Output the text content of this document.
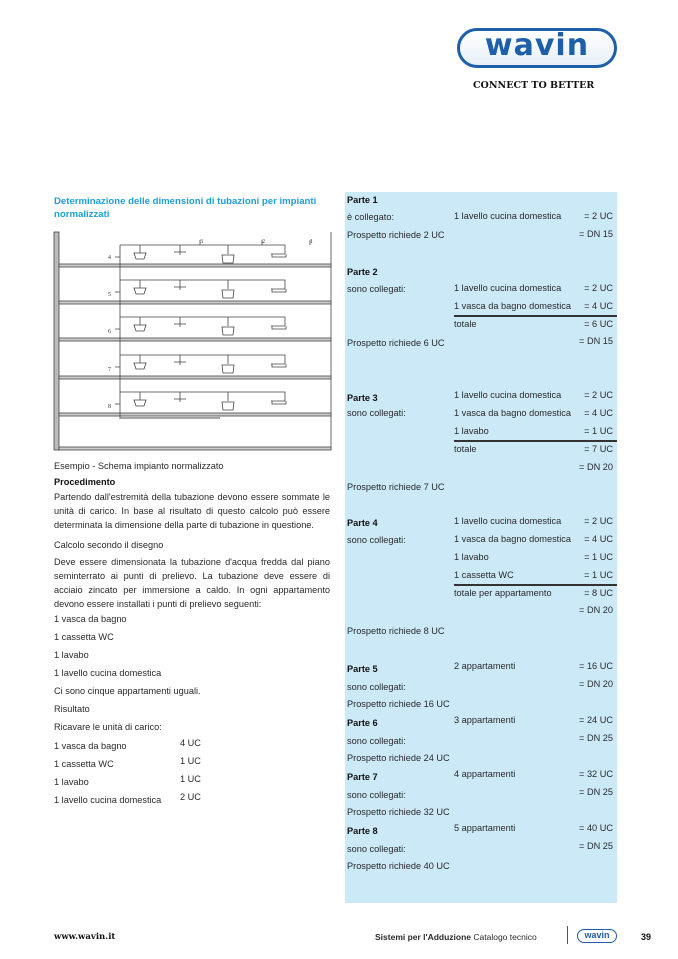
wavin
CONNECT TO BETTER
Determinazione delle dimensioni di tubazioni per impianti
normalizzati
1
2
3
4
5
6
7
8
Esempio - Schema impianto normalizzato
Procedimento
Partendo dall'estremità della tubazione devono essere sommate le unità di carico. In base al risultato di questo calcolo può essere determinata la dimensione della parte di tubazione in questione.
Calcolo secondo il disegno
Deve essere dimensionata la tubazione d'acqua fredda dal piano seminterrato ai punti di prelievo. La tubazione deve essere di acciaio zincato per immersione a caldo. In ogni appartamento devono essere installati i punti di prelievo seguenti:
1 vasca da bagno
1 cassetta WC
1 lavabo
1 lavello cucina domestica
Ci sono cinque appartamenti uguali.
Risultato
Ricavare le unità di carico:
1 vasca da bagno	4 UC
1 cassetta WC	1 UC
1 lavabo	1 UC
1 lavello cucina domestica 2 UC
Parte 1
è collegato:	1 lavello cucina domestica	= 2 UC
Prospetto richiede 2 UC	= DN 15
Parte 2
sono collegati:	1 lavello cucina domestica	= 2 UC
1 vasca da bagno domestica	= 4 UC
totale	= 6 UC
Prospetto richiede 6 UC	= DN 15
Parte 3
sono collegati:
1 lavello cucina domestica	= 2 UC
1 vasca da bagno domestica	= 4 UC
1 lavabo	= 1 UC
totale	= 7 UC
= DN 20
Prospetto richiede 7 UC
Parte 4
sono collegati:
1 lavello cucina domestica	= 2 UC
1 vasca da bagno domestica	= 4 UC
1 lavabo	= 1 UC
1 cassetta WC	= 1 UC
totale per appartamento	= 8 UC
= DN 20
Prospetto richiede 8 UC
Parte 5
sono collegati:
Prospetto richiede 16 UC
2 appartamenti	= 16 UC
= DN 20
Parte 6
sono collegati:
Prospetto richiede 24 UC
3 appartamenti	= 24 UC
= DN 25
Parte 7
sono collegati:
Prospetto richiede 32 UC
4 appartamenti	= 32 UC
= DN 25
Parte 8
sono collegati:
Prospetto richiede 40 UC
5 appartamenti	= 40 UC
= DN 25
www.wavin.it	Sistemi per l'Adduzione Catalogo tecnico	wavin	39
